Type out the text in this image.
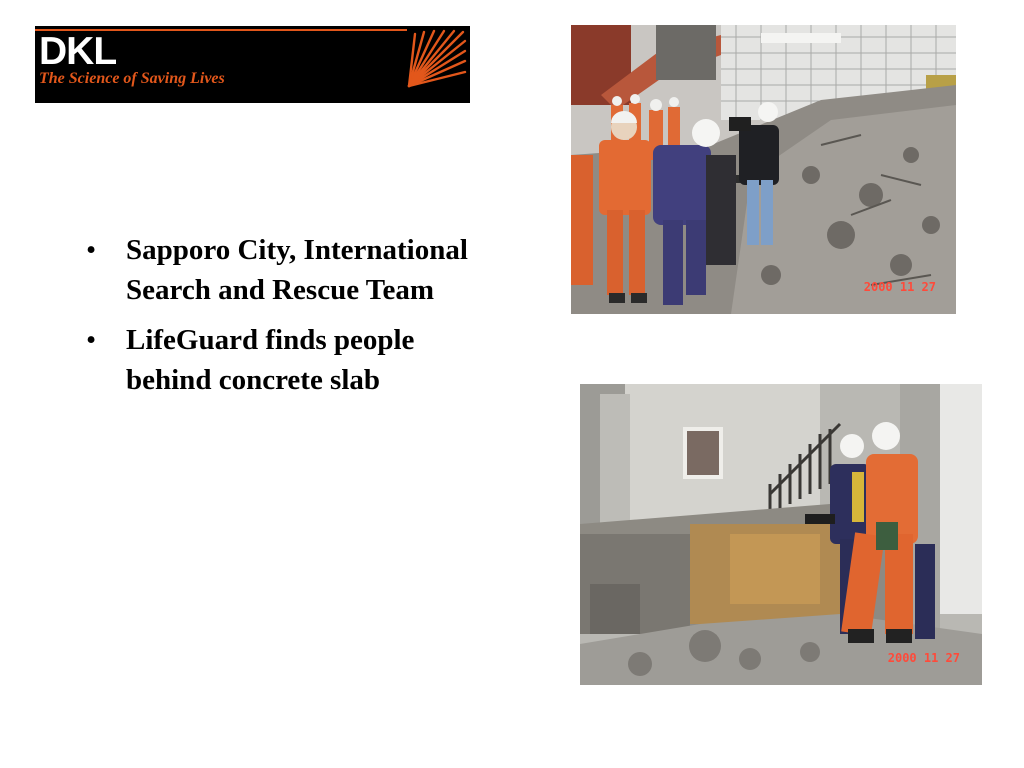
DKL
The Science of Saving Lives
• Sapporo City, International Search and Rescue Team
• LifeGuard finds people behind concrete slab
2000 11 27
2000 11 27
